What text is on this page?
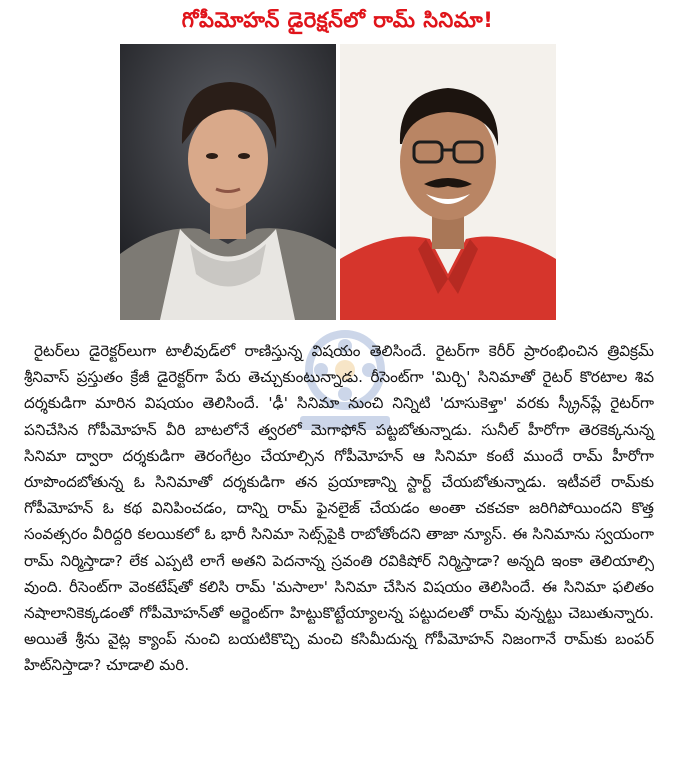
గోపీమోహన్ డైరెక్షన్‌లో రామ్ సినిమా!

రైటర్‌లు డైరెక్టర్‌లుగా టాలీవుడ్‌లో రాణిస్తున్న విషయం తెలిసిందే. రైటర్‌గా కెరీర్ ప్రారంభించిన త్రివిక్రమ్ శ్రీనివాస్ ప్రస్తుతం క్రేజీ డైరెక్టర్‌గా పేరు తెచ్చుకుంటున్నాడు. రీసెంట్‌గా 'మిర్చి' సినిమాతో రైటర్ కొరటాల శివ దర్శకుడిగా మారిన విషయం తెలిసిందే. 'ఢీ' సినిమా నుంచి నిన్నిటి 'దూసుకెళ్తా' వరకు స్క్రీన్‌ప్లే రైటర్‌గా పనిచేసిన గోపీమోహన్ వీరి బాటలోనే త్వరలో మెగాఫోన్ పట్టబోతున్నాడు. సునీల్ హీరోగా తెరకెక్కనున్న సినిమా ద్వారా దర్శకుడిగా తెరంగేట్రం చేయాల్సిన గోపీమోహన్ ఆ సినిమా కంటే ముందే రామ్ హీరోగా రూపొందబోతున్న ఓ సినిమాతో దర్శకుడిగా తన ప్రయాణాన్ని స్టార్ట్ చేయబోతున్నాడు. ఇటీవలే రామ్‌కు గోపీమోహన్ ఓ కథ వినిపించడం, దాన్ని రామ్ ఫైనలైజ్ చేయడం అంతా చకచకా జరిగిపోయిందని కొత్త సంవత్సరం వీరిద్దరి కలయికలో ఓ భారీ సినిమా సెట్స్‌పైకి రాబోతోందని తాజా న్యూస్. ఈ సినిమాను స్వయంగా రామ్ నిర్మిస్తాడా? లేక ఎప్పటి లాగే అతని పెదనాన్న స్రవంతి రవికిషోర్ నిర్మిస్తాడా? అన్నది ఇంకా తెలియాల్సి వుంది. రీసెంట్‌గా వెంకటేష్‌తో కలిసి రామ్ 'మసాలా' సినిమా చేసిన విషయం తెలిసిందే. ఈ సినిమా ఫలితం నషాలానికెక్కడంతో గోపీమోహన్‌తో అర్జెంట్‌గా హిట్టుకొట్టేయ్యాలన్న పట్టుదలతో రామ్ వున్నట్టు చెబుతున్నారు. అయితే శ్రీను వైట్ల క్యాంప్ నుంచి బయటికొచ్చి మంచి కసిమీదున్న గోపీమోహన్ నిజంగానే రామ్‌కు బంపర్ హిట్‌నిస్తాడా? చూడాలి మరి.
